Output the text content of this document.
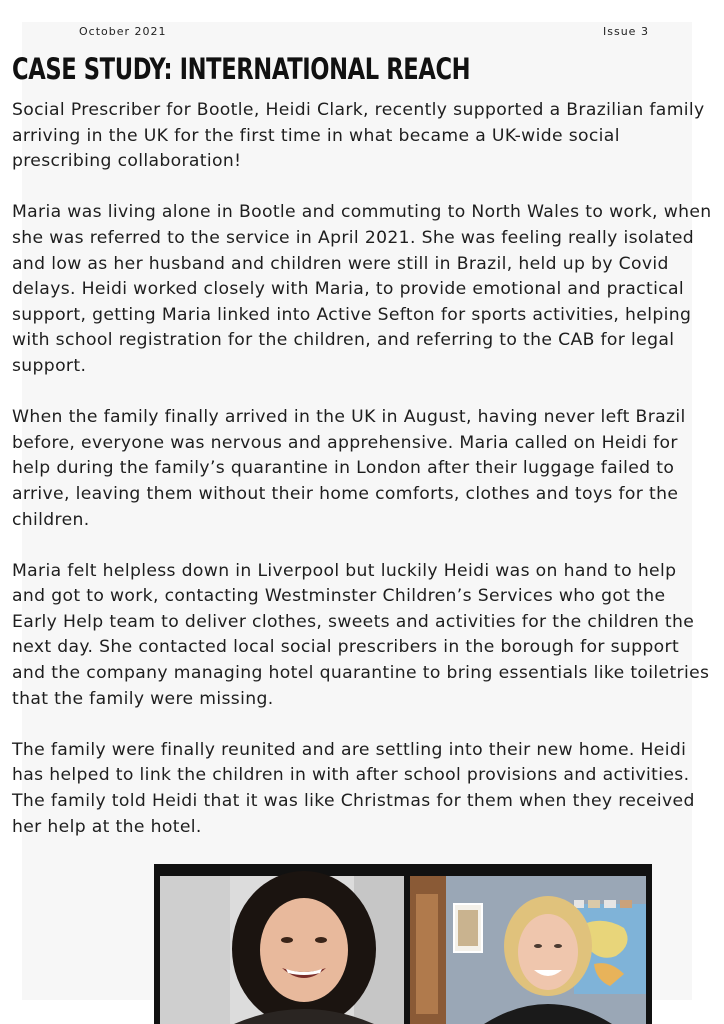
October 2021	Issue 3
CASE STUDY: INTERNATIONAL REACH

Social Prescriber for Bootle, Heidi Clark, recently supported a Brazilian family arriving in the UK for the first time in what became a UK-wide social prescribing collaboration!

Maria was living alone in Bootle and commuting to North Wales to work, when she was referred to the service in April 2021. She was feeling really isolated and low as her husband and children were still in Brazil, held up by Covid delays. Heidi worked closely with Maria, to provide emotional and practical support, getting Maria linked into Active Sefton for sports activities, helping with school registration for the children, and referring to the CAB for legal support.

When the family finally arrived in the UK in August, having never left Brazil before, everyone was nervous and apprehensive. Maria called on Heidi for help during the family’s quarantine in London after their luggage failed to arrive, leaving them without their home comforts, clothes and toys for the children.

Maria felt helpless down in Liverpool but luckily Heidi was on hand to help and got to work, contacting Westminster Children’s Services who got the Early Help team to deliver clothes, sweets and activities for the children the next day. She contacted local social prescribers in the borough for support and the company managing hotel quarantine to bring essentials like toiletries that the family were missing.

The family were finally reunited and are settling into their new home. Heidi has helped to link the children in with after school provisions and activities. The family told Heidi that it was like Christmas for them when they received her help at the hotel.
